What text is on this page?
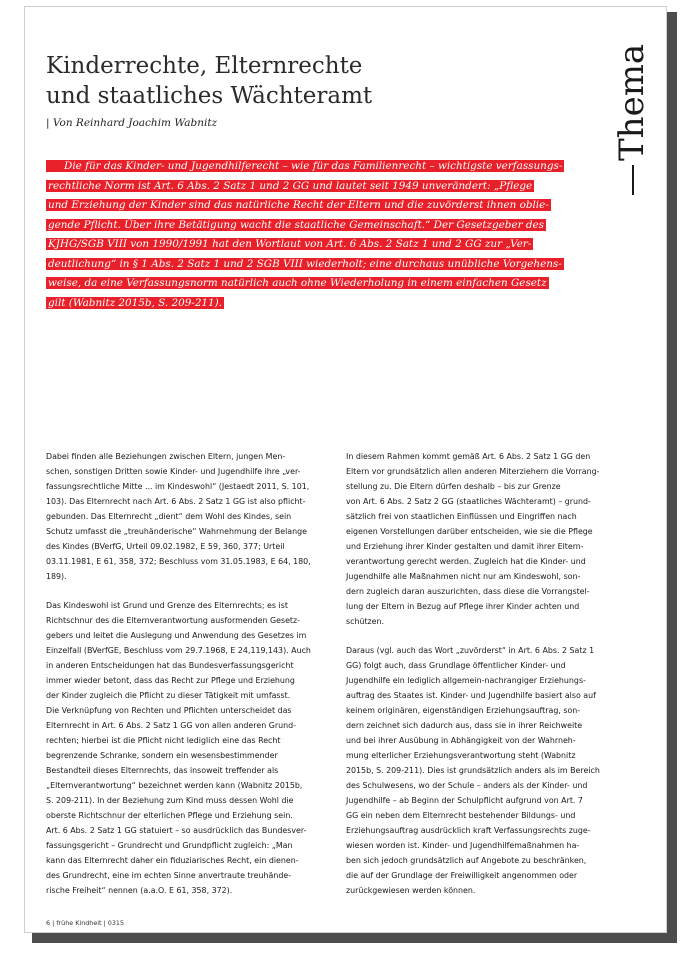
Kinderrechte, Elternrechte
und staatliches Wächteramt
| Von Reinhard Joachim Wabnitz	Thema
Die für das Kinder- und Jugendhilferecht – wie für das Familienrecht – wichtigste verfassungs-
rechtliche Norm ist Art. 6 Abs. 2 Satz 1 und 2 GG und lautet seit 1949 unverändert: „Pflege
und Erziehung der Kinder sind das natürliche Recht der Eltern und die zuvörderst ihnen oblie-
gende Pflicht. Über ihre Betätigung wacht die staatliche Gemeinschaft.“ Der Gesetzgeber des
KJHG/SGB VIII von 1990/1991 hat den Wortlaut von Art. 6 Abs. 2 Satz 1 und 2 GG zur „Ver-
deutlichung“ in § 1 Abs. 2 Satz 1 und 2 SGB VIII wiederholt; eine durchaus unübliche Vorgehens-
weise, da eine Verfassungsnorm natürlich auch ohne Wiederholung in einem einfachen Gesetz
gilt (Wabnitz 2015b, S. 209-211).

Dabei finden alle Beziehungen zwischen Eltern, jungen Men-
schen, sonstigen Dritten sowie Kinder- und Jugendhilfe ihre „ver-
fassungsrechtliche Mitte ... im Kindeswohl“ (Jestaedt 2011, S. 101,
103). Das Elternrecht nach Art. 6 Abs. 2 Satz 1 GG ist also pflicht-
gebunden. Das Elternrecht „dient“ dem Wohl des Kindes, sein
Schutz umfasst die „treuhänderische“ Wahrnehmung der Belange
des Kindes (BVerfG, Urteil 09.02.1982, E 59, 360, 377; Urteil
03.11.1981, E 61, 358, 372; Beschluss vom 31.05.1983, E 64, 180,
189).

Das Kindeswohl ist Grund und Grenze des Elternrechts; es ist
Richtschnur des die Elternverantwortung ausformenden Gesetz-
gebers und leitet die Auslegung und Anwendung des Gesetzes im
Einzelfall (BVerfGE, Beschluss vom 29.7.1968, E 24,119,143). Auch
in anderen Entscheidungen hat das Bundesverfassungsgericht
immer wieder betont, dass das Recht zur Pflege und Erziehung
der Kinder zugleich die Pflicht zu dieser Tätigkeit mit umfasst.
Die Verknüpfung von Rechten und Pflichten unterscheidet das
Elternrecht in Art. 6 Abs. 2 Satz 1 GG von allen anderen Grund-
rechten; hierbei ist die Pflicht nicht lediglich eine das Recht
begrenzende Schranke, sondern ein wesensbestimmender
Bestandteil dieses Elternrechts, das insoweit treffender als
„Elternverantwortung“ bezeichnet werden kann (Wabnitz 2015b,
S. 209-211). In der Beziehung zum Kind muss dessen Wohl die
oberste Richtschnur der elterlichen Pflege und Erziehung sein.
Art. 6 Abs. 2 Satz 1 GG statuiert – so ausdrücklich das Bundesver-
fassungsgericht – Grundrecht und Grundpflicht zugleich: „Man
kann das Elternrecht daher ein fiduziarisches Recht, ein dienen-
des Grundrecht, eine im echten Sinne anvertraute treuhände-
rische Freiheit“ nennen (a.a.O. E 61, 358, 372).

In diesem Rahmen kommt gemäß Art. 6 Abs. 2 Satz 1 GG den
Eltern vor grundsätzlich allen anderen Miterziehern die Vorrang-
stellung zu. Die Eltern dürfen deshalb – bis zur Grenze
von Art. 6 Abs. 2 Satz 2 GG (staatliches Wächteramt) – grund-
sätzlich frei von staatlichen Einflüssen und Eingriffen nach
eigenen Vorstellungen darüber entscheiden, wie sie die Pflege
und Erziehung ihrer Kinder gestalten und damit ihrer Eltern-
verantwortung gerecht werden. Zugleich hat die Kinder- und
Jugendhilfe alle Maßnahmen nicht nur am Kindeswohl, son-
dern zugleich daran auszurichten, dass diese die Vorrangstel-
lung der Eltern in Bezug auf Pflege ihrer Kinder achten und
schützen.

Daraus (vgl. auch das Wort „zuvörderst“ in Art. 6 Abs. 2 Satz 1
GG) folgt auch, dass Grundlage öffentlicher Kinder- und
Jugendhilfe ein lediglich allgemein-nachrangiger Erziehungs-
auftrag des Staates ist. Kinder- und Jugendhilfe basiert also auf
keinem originären, eigenständigen Erziehungsauftrag, son-
dern zeichnet sich dadurch aus, dass sie in ihrer Reichweite
und bei ihrer Ausübung in Abhängigkeit von der Wahrneh-
mung elterlicher Erziehungsverantwortung steht (Wabnitz
2015b, S. 209-211). Dies ist grundsätzlich anders als im Bereich
des Schulwesens, wo der Schule – anders als der Kinder- und
Jugendhilfe – ab Beginn der Schulpflicht aufgrund von Art. 7
GG ein neben dem Elternrecht bestehender Bildungs- und
Erziehungsauftrag ausdrücklich kraft Verfassungsrechts zuge-
wiesen worden ist. Kinder- und Jugendhilfemaßnahmen ha-
ben sich jedoch grundsätzlich auf Angebote zu beschränken,
die auf der Grundlage der Freiwilligkeit angenommen oder
zurückgewiesen werden können.

6 | frühe Kindheit | 0315
